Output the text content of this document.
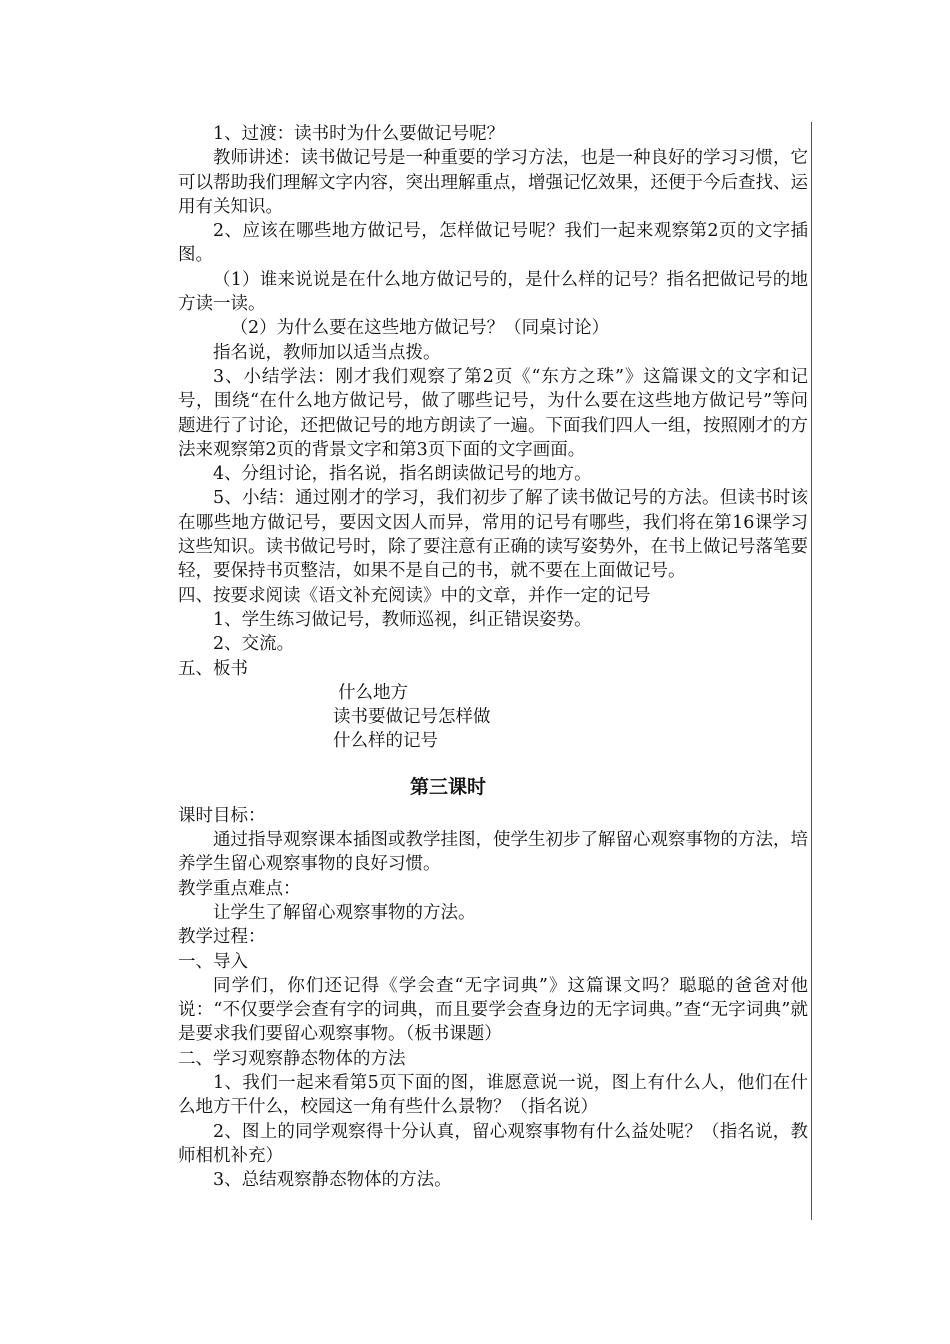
1、过渡：读书时为什么要做记号呢？

教师讲述：读书做记号是一种重要的学习方法，也是一种良好的学习习惯，它可以帮助我们理解文字内容，突出理解重点，增强记忆效果，还便于今后查找、运用有关知识。

2、应该在哪些地方做记号，怎样做记号呢？我们一起来观察第2页的文字插图。

（1）谁来说说是在什么地方做记号的，是什么样的记号？指名把做记号的地方读一读。

（2）为什么要在这些地方做记号？（同桌讨论）

指名说，教师加以适当点拨。

3、小结学法：刚才我们观察了第2页《“东方之珠”》这篇课文的文字和记号，围绕“在什么地方做记号，做了哪些记号，为什么要在这些地方做记号”等问题进行了讨论，还把做记号的地方朗读了一遍。下面我们四人一组，按照刚才的方法来观察第2页的背景文字和第3页下面的文字画面。

4、分组讨论，指名说，指名朗读做记号的地方。

5、小结：通过刚才的学习，我们初步了解了读书做记号的方法。但读书时该在哪些地方做记号，要因文因人而异，常用的记号有哪些，我们将在第16课学习这些知识。读书做记号时，除了要注意有正确的读写姿势外，在书上做记号落笔要轻，要保持书页整洁，如果不是自己的书，就不要在上面做记号。

四、按要求阅读《语文补充阅读》中的文章，并作一定的记号

1、学生练习做记号，教师巡视，纠正错误姿势。

2、交流。

五、板书

什么地方

读书要做记号怎样做

什么样的记号

第三课时

课时目标：

通过指导观察课本插图或教学挂图，使学生初步了解留心观察事物的方法，培养学生留心观察事物的良好习惯。

教学重点难点：

让学生了解留心观察事物的方法。

教学过程：

一、导入

同学们，你们还记得《学会查“无字词典”》这篇课文吗？聪聪的爸爸对他说：“不仅要学会查有字的词典，而且要学会查身边的无字词典。”查“无字词典”就是要求我们要留心观察事物。（板书课题）

二、学习观察静态物体的方法

1、我们一起来看第5页下面的图，谁愿意说一说，图上有什么人，他们在什么地方干什么，校园这一角有些什么景物？（指名说）

2、图上的同学观察得十分认真，留心观察事物有什么益处呢？（指名说，教师相机补充）

3、总结观察静态物体的方法。
